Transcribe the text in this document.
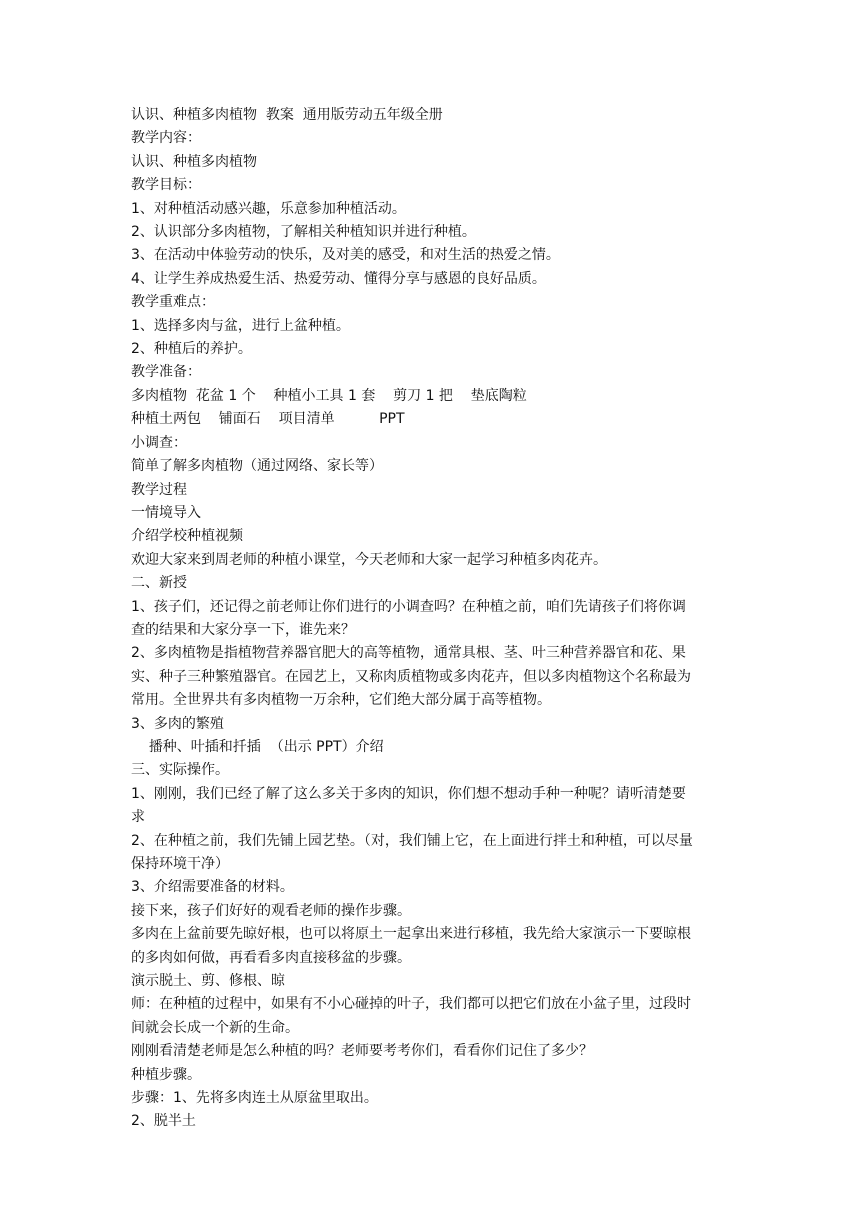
认识、种植多肉植物  教案  通用版劳动五年级全册
教学内容：
认识、种植多肉植物
教学目标：
1、对种植活动感兴趣，乐意参加种植活动。
2、认识部分多肉植物，了解相关种植知识并进行种植。
3、在活动中体验劳动的快乐，及对美的感受，和对生活的热爱之情。
4、让学生养成热爱生活、热爱劳动、懂得分享与感恩的良好品质。
教学重难点：
1、选择多肉与盆，进行上盆种植。
2、种植后的养护。
教学准备：
多肉植物  花盆 1 个    种植小工具 1 套    剪刀 1 把    垫底陶粒
种植土两包    铺面石    项目清单          PPT
小调查：
简单了解多肉植物（通过网络、家长等）
教学过程
一情境导入
介绍学校种植视频
欢迎大家来到周老师的种植小课堂，今天老师和大家一起学习种植多肉花卉。
二、新授
1、孩子们，还记得之前老师让你们进行的小调查吗？在种植之前，咱们先请孩子们将你调
查的结果和大家分享一下，谁先来？
2、多肉植物是指植物营养器官肥大的高等植物，通常具根、茎、叶三种营养器官和花、果
实、种子三种繁殖器官。在园艺上，又称肉质植物或多肉花卉，但以多肉植物这个名称最为
常用。全世界共有多肉植物一万余种，它们绝大部分属于高等植物。
3、多肉的繁殖
播种、叶插和扦插  （出示 PPT）介绍
三、实际操作。
1、刚刚，我们已经了解了这么多关于多肉的知识，你们想不想动手种一种呢？请听清楚要
求
2、在种植之前，我们先铺上园艺垫。（对，我们铺上它，在上面进行拌土和种植，可以尽量
保持环境干净）
3、介绍需要准备的材料。
接下来，孩子们好好的观看老师的操作步骤。
多肉在上盆前要先晾好根，也可以将原土一起拿出来进行移植，我先给大家演示一下要晾根
的多肉如何做，再看看多肉直接移盆的步骤。
演示脱土、剪、修根、晾
师：在种植的过程中，如果有不小心碰掉的叶子，我们都可以把它们放在小盆子里，过段时
间就会长成一个新的生命。
刚刚看清楚老师是怎么种植的吗？老师要考考你们，看看你们记住了多少？
种植步骤。
步骤：1、先将多肉连土从原盆里取出。
2、脱半土
